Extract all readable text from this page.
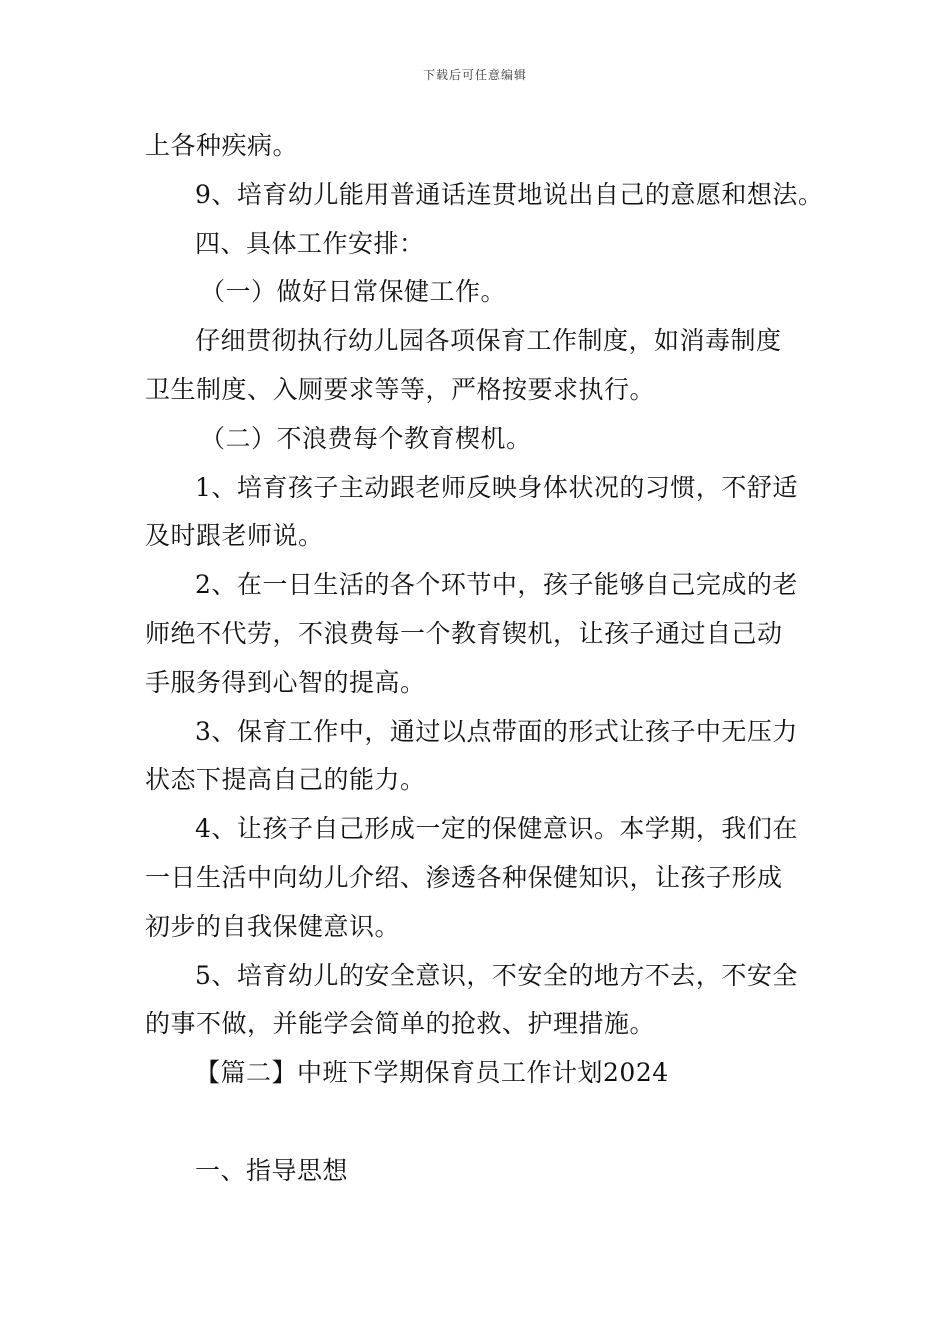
下载后可任意编辑
上各种疾病。
9、培育幼儿能用普通话连贯地说出自己的意愿和想法。
四、具体工作安排：
（一）做好日常保健工作。
仔细贯彻执行幼儿园各项保育工作制度，如消毒制度
卫生制度、入厕要求等等，严格按要求执行。
（二）不浪费每个教育楔机。
1、培育孩子主动跟老师反映身体状况的习惯，不舒适
及时跟老师说。
2、在一日生活的各个环节中，孩子能够自己完成的老
师绝不代劳，不浪费每一个教育锲机，让孩子通过自己动
手服务得到心智的提高。
3、保育工作中，通过以点带面的形式让孩子中无压力
状态下提高自己的能力。
4、让孩子自己形成一定的保健意识。本学期，我们在
一日生活中向幼儿介绍、渗透各种保健知识，让孩子形成
初步的自我保健意识。
5、培育幼儿的安全意识，不安全的地方不去，不安全
的事不做，并能学会简单的抢救、护理措施。
【篇二】中班下学期保育员工作计划2024
一、指导思想
